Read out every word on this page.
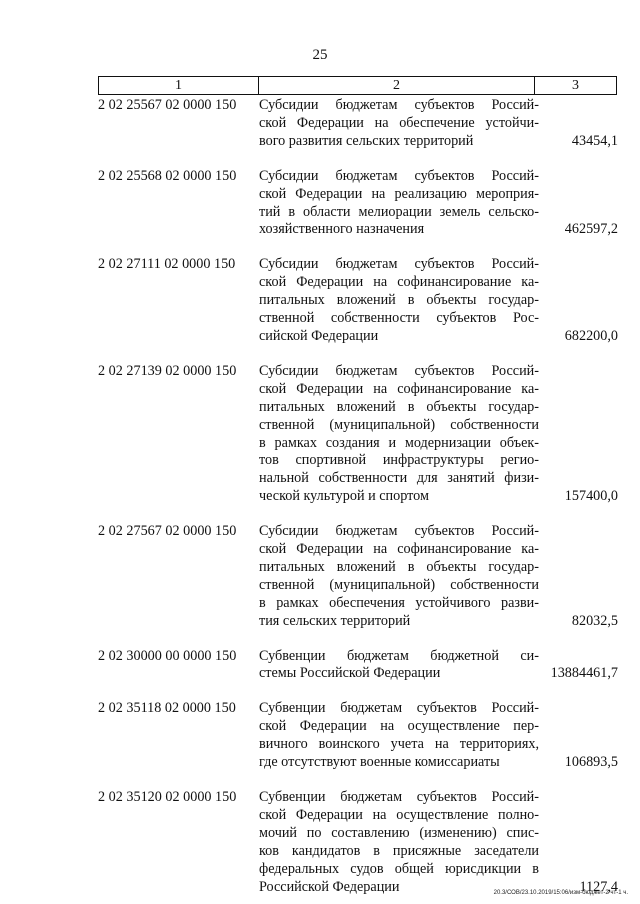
25
1	2	3
2 02 25567 02 0000 150	Субсидии бюджетам субъектов Россий-
ской Федерации на обеспечение устойчи-
вого развития сельских территорий	43454,1
2 02 25568 02 0000 150	Субсидии бюджетам субъектов Россий-
ской Федерации на реализацию мероприя-
тий в области мелиорации земель сельско-
хозяйственного назначения	462597,2
2 02 27111 02 0000 150	Субсидии бюджетам субъектов Россий-
ской Федерации на софинансирование ка-
питальных вложений в объекты государ-
ственной собственности субъектов Рос-
сийской Федерации	682200,0
2 02 27139 02 0000 150	Субсидии бюджетам субъектов Россий-
ской Федерации на софинансирование ка-
питальных вложений в объекты государ-
ственной (муниципальной) собственности
в рамках создания и модернизации объек-
тов спортивной инфраструктуры регио-
нальной собственности для занятий физи-
ческой культурой и спортом	157400,0
2 02 27567 02 0000 150	Субсидии бюджетам субъектов Россий-
ской Федерации на софинансирование ка-
питальных вложений в объекты государ-
ственной (муниципальной) собственности
в рамках обеспечения устойчивого разви-
тия сельских территорий	82032,5
2 02 30000 00 0000 150	Субвенции бюджетам бюджетной си-
стемы Российской Федерации	13884461,7
2 02 35118 02 0000 150	Субвенции бюджетам субъектов Россий-
ской Федерации на осуществление пер-
вичного воинского учета на территориях,
где отсутствуют военные комиссариаты	106893,5
2 02 35120 02 0000 150	Субвенции бюджетам субъектов Россий-
ской Федерации на осуществление полно-
мочий по составлению (изменению) спис-
ков кандидатов в присяжные заседатели
федеральных судов общей юрисдикции в
Российской Федерации	1127,4
20.3/СОВ/23.10.2019/15:06/изм-бюджет-2 чт-1 ч.
